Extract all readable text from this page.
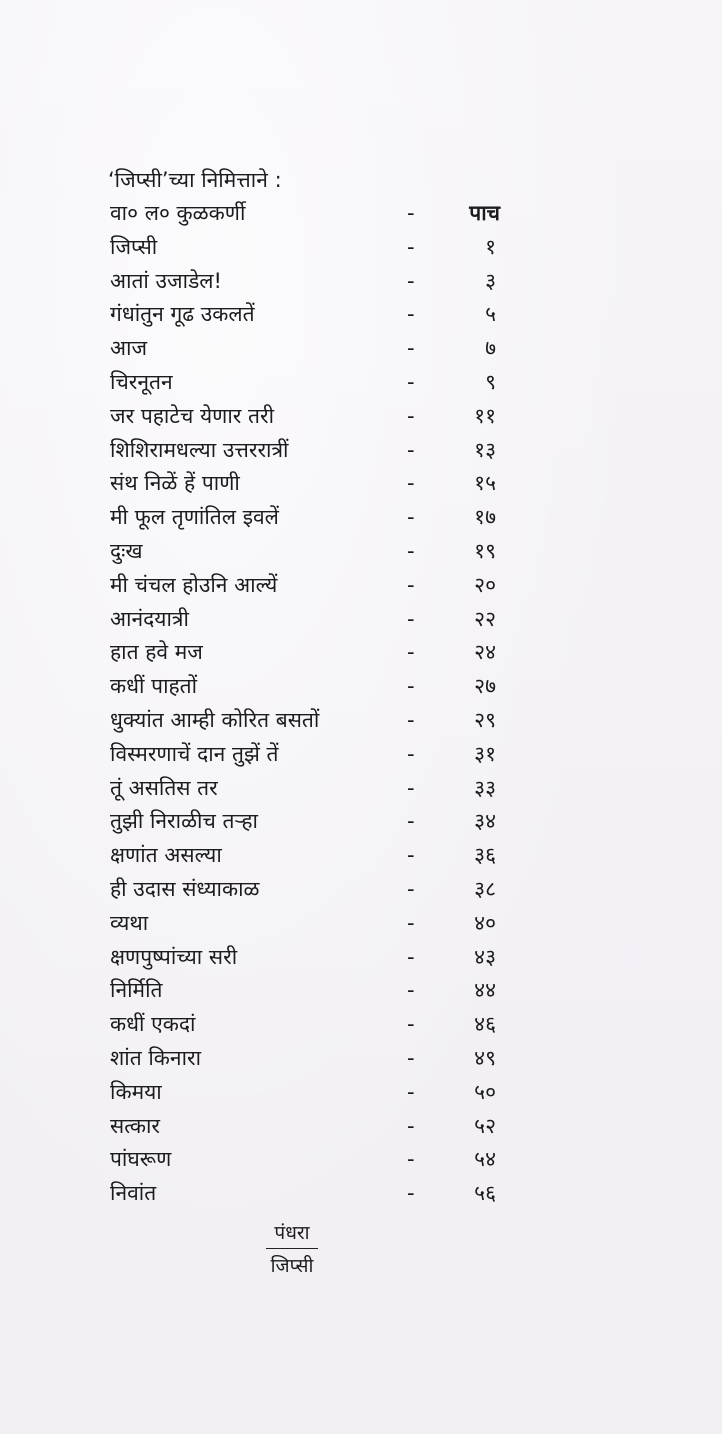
‘जिप्सी’च्या निमित्ताने :
वा० ल० कुळकर्णी	-	पाच
जिप्सी	-	१
आतां उजाडेल!	-	३
गंधांतुन गूढ उकलतें	-	५
आज	-	७
चिरनूतन	-	९
जर पहाटेच येणार तरी	-	११
शिशिरामधल्या उत्तररात्रीं	-	१३
संथ निळें हें पाणी	-	१५
मी फूल तृणांतिल इवलें	-	१७
दुःख	-	१९
मी चंचल होउनि आल्यें	-	२०
आनंदयात्री	-	२२
हात हवे मज	-	२४
कधीं पाहतों	-	२७
धुक्यांत आम्ही कोरित बसतों	-	२९
विस्मरणाचें दान तुझें तें	-	३१
तूं असतिस तर	-	३३
तुझी निराळीच तऱ्हा	-	३४
क्षणांत असल्या	-	३६
ही उदास संध्याकाळ	-	३८
व्यथा	-	४०
क्षणपुष्पांच्या सरी	-	४३
निर्मिति	-	४४
कधीं एकदां	-	४६
शांत किनारा	-	४९
किमया	-	५०
सत्कार	-	५२
पांघरूण	-	५४
निवांत	-	५६
पंधरा
जिप्सी
